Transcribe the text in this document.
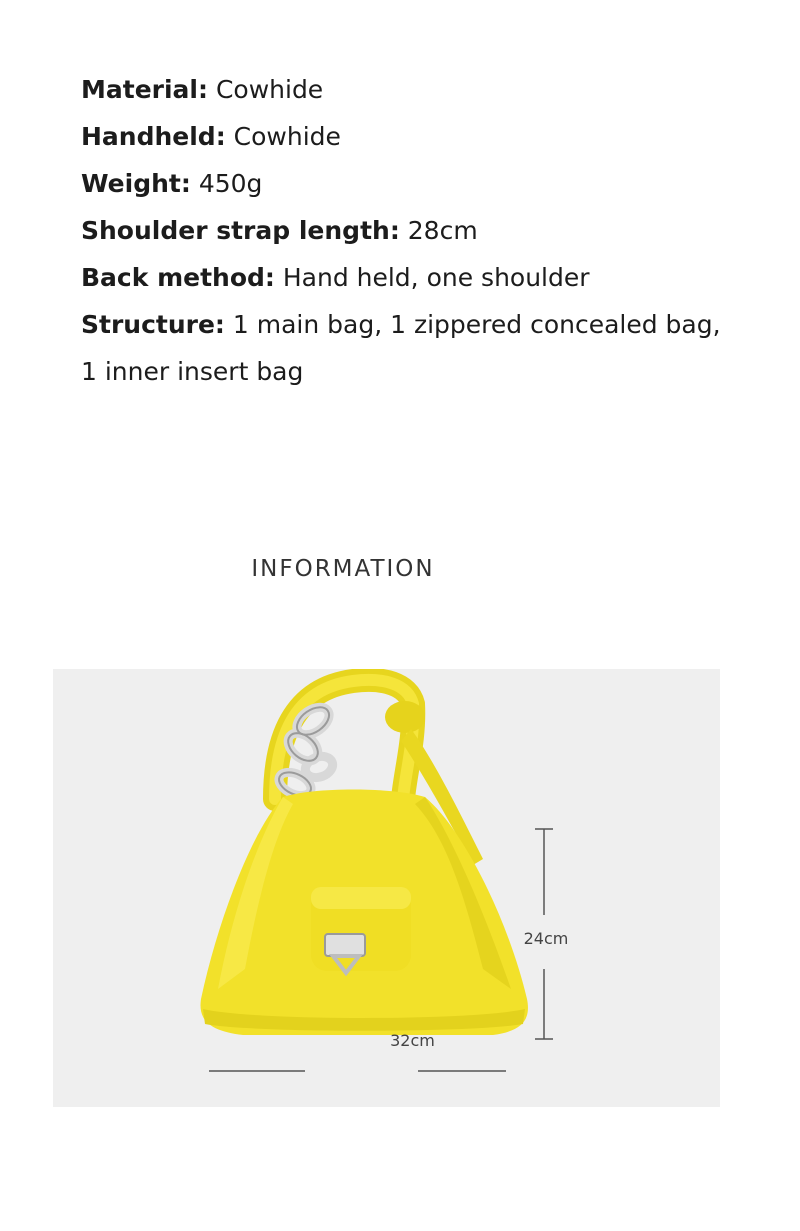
Material: Cowhide
Handheld: Cowhide
Weight: 450g
Shoulder strap length: 28cm
Back method: Hand held, one shoulder
Structure: 1 main bag, 1 zippered concealed bag,
1 inner insert bag
INFORMATION
32cm
24cm
